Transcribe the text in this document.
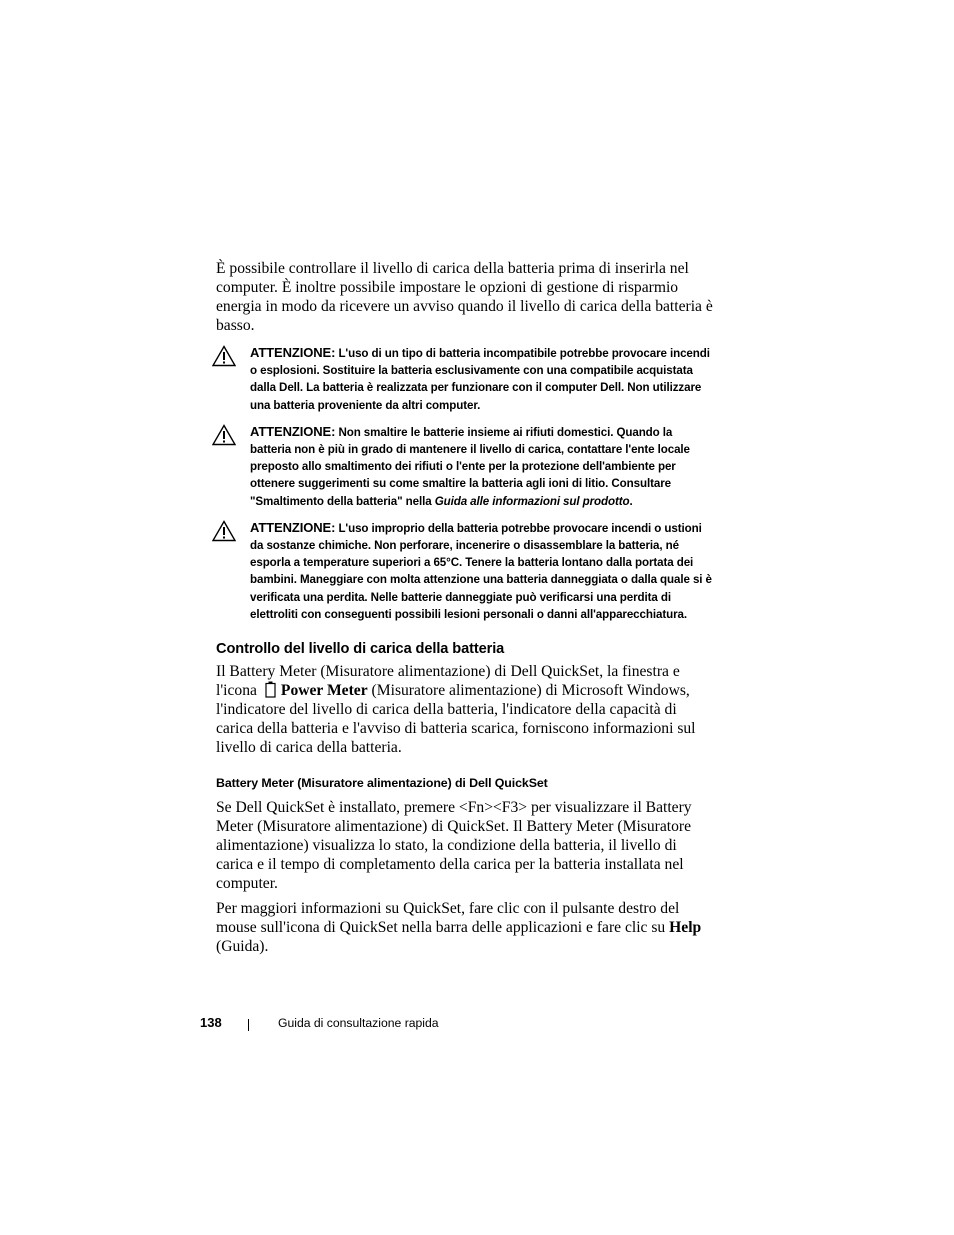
È possibile controllare il livello di carica della batteria prima di inserirla nel computer. È inoltre possibile impostare le opzioni di gestione di risparmio energia in modo da ricevere un avviso quando il livello di carica della batteria è basso.

ATTENZIONE: L'uso di un tipo di batteria incompatibile potrebbe provocare incendi o esplosioni. Sostituire la batteria esclusivamente con una compatibile acquistata dalla Dell. La batteria è realizzata per funzionare con il computer Dell. Non utilizzare una batteria proveniente da altri computer.
ATTENZIONE: Non smaltire le batterie insieme ai rifiuti domestici. Quando la batteria non è più in grado di mantenere il livello di carica, contattare l'ente locale preposto allo smaltimento dei rifiuti o l'ente per la protezione dell'ambiente per ottenere suggerimenti su come smaltire la batteria agli ioni di litio. Consultare "Smaltimento della batteria" nella Guida alle informazioni sul prodotto.
ATTENZIONE: L'uso improprio della batteria potrebbe provocare incendi o ustioni da sostanze chimiche. Non perforare, incenerire o disassemblare la batteria, né esporla a temperature superiori a 65°C. Tenere la batteria lontano dalla portata dei bambini. Maneggiare con molta attenzione una batteria danneggiata o dalla quale si è verificata una perdita. Nelle batterie danneggiate può verificarsi una perdita di elettroliti con conseguenti possibili lesioni personali o danni all'apparecchiatura.
Controllo del livello di carica della batteria

Il Battery Meter (Misuratore alimentazione) di Dell QuickSet, la finestra e l'icona Power Meter (Misuratore alimentazione) di Microsoft Windows, l'indicatore del livello di carica della batteria, l'indicatore della capacità di carica della batteria e l'avviso di batteria scarica, forniscono informazioni sul livello di carica della batteria.

Battery Meter (Misuratore alimentazione) di Dell QuickSet

Se Dell QuickSet è installato, premere <Fn><F3> per visualizzare il Battery Meter (Misuratore alimentazione) di QuickSet. Il Battery Meter (Misuratore alimentazione) visualizza lo stato, la condizione della batteria, il livello di carica e il tempo di completamento della carica per la batteria installata nel computer.

Per maggiori informazioni su QuickSet, fare clic con il pulsante destro del mouse sull'icona di QuickSet nella barra delle applicazioni e fare clic su Help (Guida).

138	Guida di consultazione rapida
